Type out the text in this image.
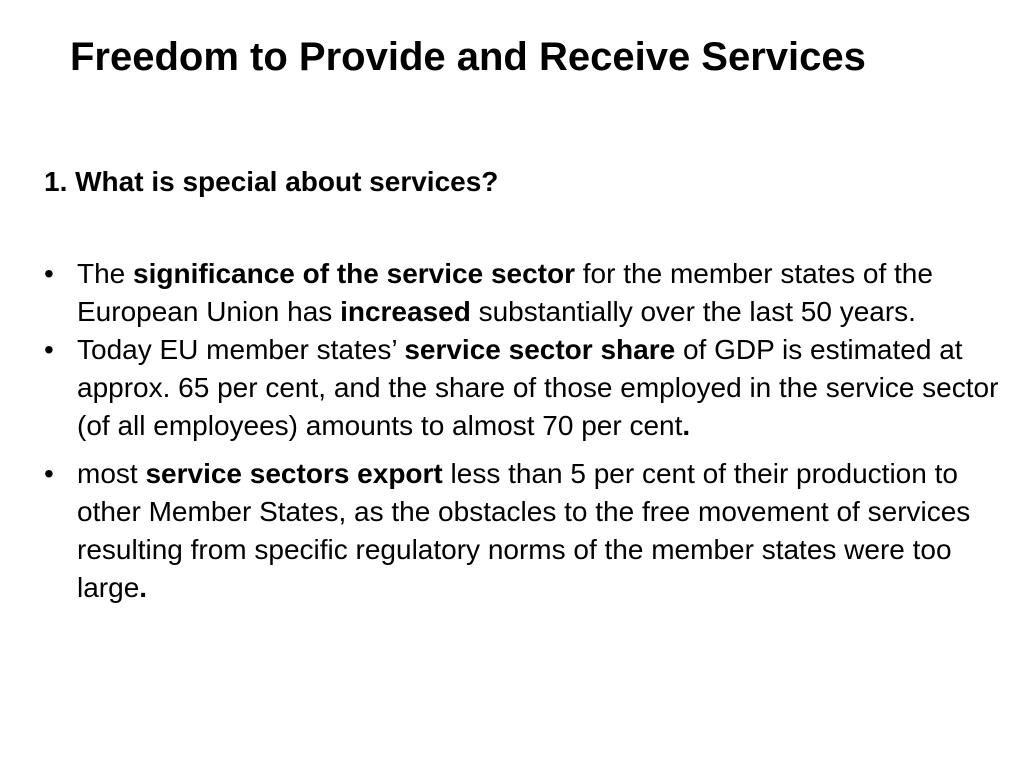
Freedom to Provide and Receive Services
1. What is special about services?
• The significance of the service sector for the member states of the European Union has increased substantially over the last 50 years.
• Today EU member states’ service sector share of GDP is estimated at approx. 65 per cent, and the share of those employed in the service sector (of all employees) amounts to almost 70 per cent.
• most service sectors export less than 5 per cent of their production to other Member States, as the obstacles to the free movement of services resulting from specific regulatory norms of the member states were too large.
